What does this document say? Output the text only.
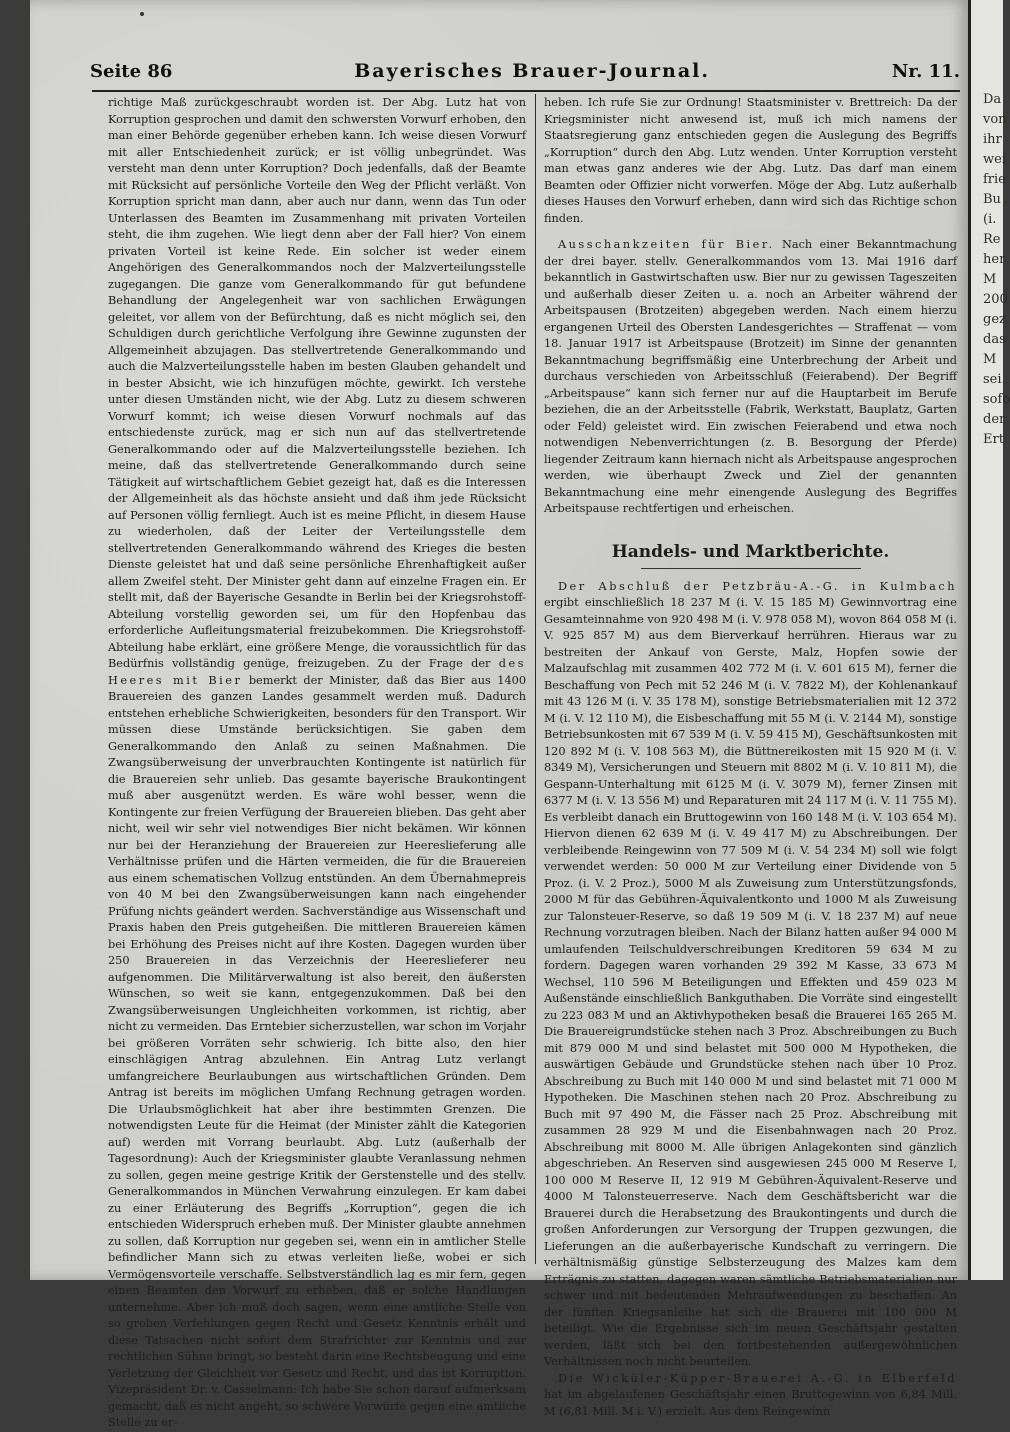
Da
von
ihr
wei
frie
Bu
(i.
Re
her
M
200
gez
das
M
sei.
sofo
der
Ert
Seite 86	Bayerisches Brauer-Journal.	Nr. 11.

richtige Maß zurückgeschraubt worden ist. Der Abg. Lutz hat von Korruption gesprochen und damit den schwersten Vorwurf erhoben, den man einer Behörde gegenüber erheben kann. Ich weise diesen Vorwurf mit aller Entschiedenheit zurück; er ist völlig unbegründet. Was versteht man denn unter Korruption? Doch jedenfalls, daß der Beamte mit Rücksicht auf persönliche Vorteile den Weg der Pflicht verläßt. Von Korruption spricht man dann, aber auch nur dann, wenn das Tun oder Unterlassen des Beamten im Zusammenhang mit privaten Vorteilen steht, die ihm zugehen. Wie liegt denn aber der Fall hier? Von einem privaten Vorteil ist keine Rede. Ein solcher ist weder einem Angehörigen des Generalkommandos noch der Malzverteilungsstelle zugegangen. Die ganze vom Generalkommando für gut befundene Behandlung der Angelegenheit war von sachlichen Erwägungen geleitet, vor allem von der Befürchtung, daß es nicht möglich sei, den Schuldigen durch gerichtliche Verfolgung ihre Gewinne zugunsten der Allgemeinheit abzujagen. Das stellvertretende Generalkommando und auch die Malzverteilungsstelle haben im besten Glauben gehandelt und in bester Absicht, wie ich hinzufügen möchte, gewirkt. Ich verstehe unter diesen Umständen nicht, wie der Abg. Lutz zu diesem schweren Vorwurf kommt; ich weise diesen Vorwurf nochmals auf das entschiedenste zurück, mag er sich nun auf das stellvertretende Generalkommando oder auf die Malzverteilungsstelle beziehen. Ich meine, daß das stellvertretende Generalkommando durch seine Tätigkeit auf wirtschaftlichem Gebiet gezeigt hat, daß es die Interessen der Allgemeinheit als das höchste ansieht und daß ihm jede Rücksicht auf Personen völlig fernliegt. Auch ist es meine Pflicht, in diesem Hause zu wiederholen, daß der Leiter der Verteilungsstelle dem stellvertretenden Generalkommando während des Krieges die besten Dienste geleistet hat und daß seine persönliche Ehrenhaftigkeit außer allem Zweifel steht. Der Minister geht dann auf einzelne Fragen ein. Er stellt mit, daß der Bayerische Gesandte in Berlin bei der Kriegsrohstoff-Abteilung vorstellig geworden sei, um für den Hopfenbau das erforderliche Aufleitungsmaterial freizubekommen. Die Kriegsrohstoff-Abteilung habe erklärt, eine größere Menge, die voraussichtlich für das Bedürfnis vollständig genüge, freizugeben. Zu der Frage der des Heeres mit Bier bemerkt der Minister, daß das Bier aus 1400 Brauereien des ganzen Landes gesammelt werden muß. Dadurch entstehen erhebliche Schwierigkeiten, besonders für den Transport. Wir müssen diese Umstände berücksichtigen. Sie gaben dem Generalkommando den Anlaß zu seinen Maßnahmen. Die Zwangsüberweisung der unverbrauchten Kontingente ist natürlich für die Brauereien sehr unlieb. Das gesamte bayerische Braukontingent muß aber ausgenützt werden. Es wäre wohl besser, wenn die Kontingente zur freien Verfügung der Brauereien blieben. Das geht aber nicht, weil wir sehr viel notwendiges Bier nicht bekämen. Wir können nur bei der Heranziehung der Brauereien zur Heereslieferung alle Verhältnisse prüfen und die Härten vermeiden, die für die Brauereien aus einem schematischen Vollzug entstünden. An dem Übernahmepreis von 40 M bei den Zwangsüberweisungen kann nach eingehender Prüfung nichts geändert werden. Sachverständige aus Wissenschaft und Praxis haben den Preis gutgeheißen. Die mittleren Brauereien kämen bei Erhöhung des Preises nicht auf ihre Kosten. Dagegen wurden über 250 Brauereien in das Verzeichnis der Heereslieferer neu aufgenommen. Die Militärverwaltung ist also bereit, den äußersten Wünschen, so weit sie kann, entgegenzukommen. Daß bei den Zwangsüberweisungen Ungleichheiten vorkommen, ist richtig, aber nicht zu vermeiden. Das Erntebier sicherzustellen, war schon im Vorjahr bei größeren Vorräten sehr schwierig. Ich bitte also, den hier einschlägigen Antrag abzulehnen. Ein Antrag Lutz verlangt umfangreichere Beurlaubungen aus wirtschaftlichen Gründen. Dem Antrag ist bereits im möglichen Umfang Rechnung getragen worden. Die Urlaubsmöglichkeit hat aber ihre bestimmten Grenzen. Die notwendigsten Leute für die Heimat (der Minister zählt die Kategorien auf) werden mit Vorrang beurlaubt. Abg. Lutz (außerhalb der Tagesordnung): Auch der Kriegsminister glaubte Veranlassung nehmen zu sollen, gegen meine gestrige Kritik der Gerstenstelle und des stellv. Generalkommandos in München Verwahrung einzulegen. Er kam dabei zu einer Erläuterung des Begriffs „Korruption“, gegen die ich entschieden Widerspruch erheben muß. Der Minister glaubte annehmen zu sollen, daß Korruption nur gegeben sei, wenn ein in amtlicher Stelle befindlicher Mann sich zu etwas verleiten ließe, wobei er sich Vermögensvorteile verschaffe. Selbstverständlich lag es mir fern, gegen einen Beamten den Vorwurf zu erheben, daß er solche Handlungen unternehme. Aber ich muß doch sagen, wenn eine amtliche Stelle von so groben Verfehlungen gegen Recht und Gesetz Kenntnis erhält und diese Tatsachen nicht sofort dem Strafrichter zur Kenntnis und zur rechtlichen Sühne bringt, so besteht darin eine Rechtsbeugung und eine Verletzung der Gleichheit vor Gesetz und Recht, und das ist Korruption. Vizepräsident Dr. v. Casselmann: Ich habe Sie schon darauf aufmerksam gemacht, daß es nicht angeht, so schwere Vorwürfe gegen eine amtliche Stelle zu er-

heben. Ich rufe Sie zur Ordnung! Staatsminister v. Brettreich: Da der Kriegsminister nicht anwesend ist, muß ich mich namens der Staatsregierung ganz entschieden gegen die Auslegung des Begriffs „Korruption“ durch den Abg. Lutz wenden. Unter Korruption versteht man etwas ganz anderes wie der Abg. Lutz. Das darf man einem Beamten oder Offizier nicht vorwerfen. Möge der Abg. Lutz außerhalb dieses Hauses den Vorwurf erheben, dann wird sich das Richtige schon finden.

Ausschankzeiten für Bier. Nach einer Bekanntmachung der drei bayer. stellv. Generalkommandos vom 13. Mai 1916 darf bekanntlich in Gastwirtschaften usw. Bier nur zu gewissen Tageszeiten und außerhalb dieser Zeiten u. a. noch an Arbeiter während der Arbeitspausen (Brotzeiten) abgegeben werden. Nach einem hierzu ergangenen Urteil des Obersten Landesgerichtes — Straffenat — vom 18. Januar 1917 ist Arbeitspause (Brotzeit) im Sinne der genannten Bekanntmachung begriffsmäßig eine Unterbrechung der Arbeit und durchaus verschieden von Arbeitsschluß (Feierabend). Der Begriff „Arbeitspause“ kann sich ferner nur auf die Hauptarbeit im Berufe beziehen, die an der Arbeitsstelle (Fabrik, Werkstatt, Bauplatz, Garten oder Feld) geleistet wird. Ein zwischen Feierabend und etwa noch notwendigen Nebenverrichtungen (z. B. Besorgung der Pferde) liegender Zeitraum kann hiernach nicht als Arbeitspause angesprochen werden, wie überhaupt Zweck und Ziel der genannten Bekanntmachung eine mehr einengende Auslegung des Begriffes Arbeitspause rechtfertigen und erheischen.

Handels- und Marktberichte.

Der Abschluß der Petzbräu-A.-G. in Kulmbach ergibt einschließlich 18 237 M (i. V. 15 185 M) Gewinnvortrag eine Gesamteinnahme von 920 498 M (i. V. 978 058 M), wovon 864 058 M (i. V. 925 857 M) aus dem Bierverkauf herrühren. Hieraus war zu bestreiten der Ankauf von Gerste, Malz, Hopfen sowie der Malzaufschlag mit zusammen 402 772 M (i. V. 601 615 M), ferner die Beschaffung von Pech mit 52 246 M (i. V. 7822 M), der Kohlenankauf mit 43 126 M (i. V. 35 178 M), sonstige Betriebsmaterialien mit 12 372 M (i. V. 12 110 M), die Eisbeschaffung mit 55 M (i. V. 2144 M), sonstige Betriebsunkosten mit 67 539 M (i. V. 59 415 M), Geschäftsunkosten mit 120 892 M (i. V. 108 563 M), die Büttnereikosten mit 15 920 M (i. V. 8349 M), Versicherungen und Steuern mit 8802 M (i. V. 10 811 M), die Gespann-Unterhaltung mit 6125 M (i. V. 3079 M), ferner Zinsen mit 6377 M (i. V. 13 556 M) und Reparaturen mit 24 117 M (i. V. 11 755 M). Es verbleibt danach ein Bruttogewinn von 160 148 M (i. V. 103 654 M). Hiervon dienen 62 639 M (i. V. 49 417 M) zu Abschreibungen. Der verbleibende Reingewinn von 77 509 M (i. V. 54 234 M) soll wie folgt verwendet werden: 50 000 M zur Verteilung einer Dividende von 5 Proz. (i. V. 2 Proz.), 5000 M als Zuweisung zum Unterstützungsfonds, 2000 M für das Gebühren-Äquivalentkonto und 1000 M als Zuweisung zur Talonsteuer-Reserve, so daß 19 509 M (i. V. 18 237 M) auf neue Rechnung vorzutragen bleiben. Nach der Bilanz hatten außer 94 000 M umlaufenden Teilschuldverschreibungen Kreditoren 59 634 M zu fordern. Dagegen waren vorhanden 29 392 M Kasse, 33 673 M Wechsel, 110 596 M Beteiligungen und Effekten und 459 023 M Außenstände einschließlich Bankguthaben. Die Vorräte sind eingestellt zu 223 083 M und an Aktivhypotheken besaß die Brauerei 165 265 M. Die Brauereigrundstücke stehen nach 3 Proz. Abschreibungen zu Buch mit 879 000 M und sind belastet mit 500 000 M Hypotheken, die auswärtigen Gebäude und Grundstücke stehen nach über 10 Proz. Abschreibung zu Buch mit 140 000 M und sind belastet mit 71 000 M Hypotheken. Die Maschinen stehen nach 20 Proz. Abschreibung zu Buch mit 97 490 M, die Fässer nach 25 Proz. Abschreibung mit zusammen 28 929 M und die Eisenbahnwagen nach 20 Proz. Abschreibung mit 8000 M. Alle übrigen Anlagekonten sind gänzlich abgeschrieben. An Reserven sind ausgewiesen 245 000 M Reserve I, 100 000 M Reserve II, 12 919 M Gebühren-Äquivalent-Reserve und 4000 M Talonsteuerreserve. Nach dem Geschäftsbericht war die Brauerei durch die Herabsetzung des Braukontingents und durch die großen Anforderungen zur Versorgung der Truppen gezwungen, die Lieferungen an die außerbayerische Kundschaft zu verringern. Die verhältnismäßig günstige Selbsterzeugung des Malzes kam dem Erträgnis zu statten, dagegen waren sämtliche Betriebsmaterialien nur schwer und mit bedeutenden Mehraufwendungen zu beschaffen. An der fünften Kriegsanleihe hat sich die Brauerei mit 100 000 M beteiligt. Wie die Ergebnisse sich im neuen Geschäftsjahr gestalten werden, läßt sich bei den fortbestehenden außergewöhnlichen Verhältnissen noch nicht beurteilen.

Die Wicküler-Küpper-Brauerei A.-G. in Elberfeld hat im abgelaufenen Geschäftsjahr einen Bruttogewinn von 6,84 Mill. M (6,81 Mill. M i. V.) erzielt. Aus dem Reingewinn
